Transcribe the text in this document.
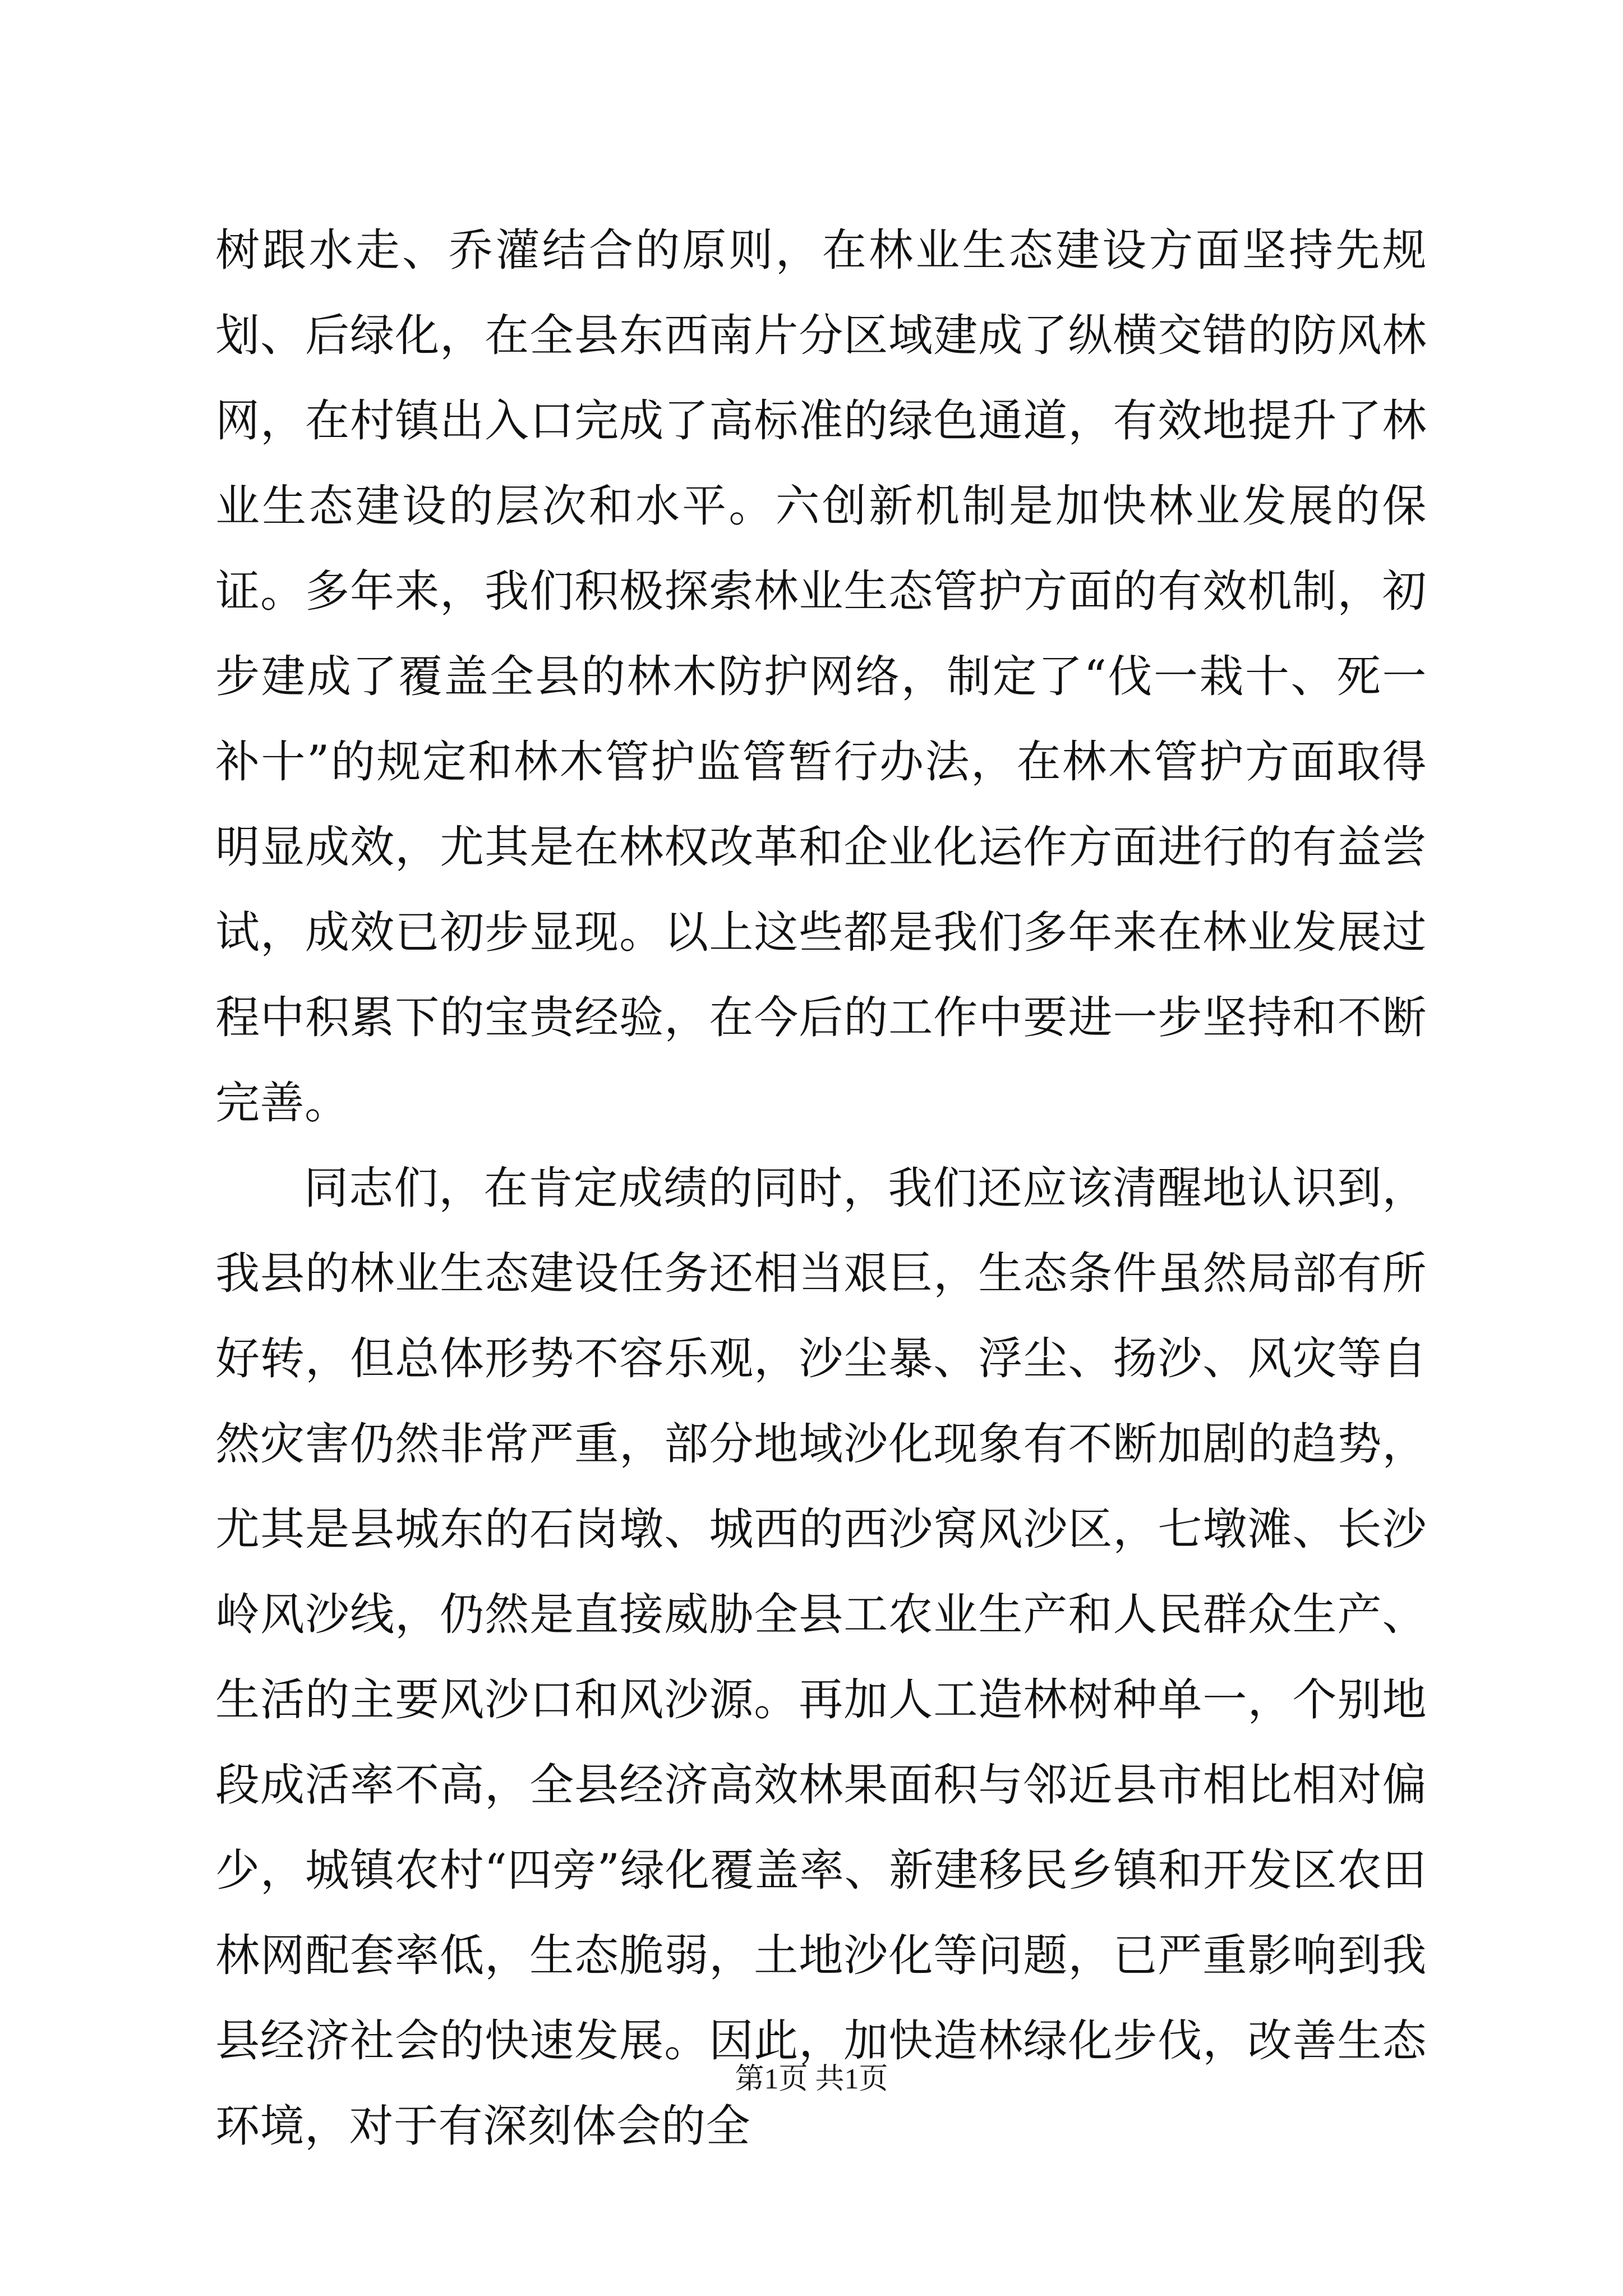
树跟水走、乔灌结合的原则，在林业生态建设方面坚持先规划、后绿化，在全县东西南片分区域建成了纵横交错的防风林网，在村镇出入口完成了高标准的绿色通道，有效地提升了林业生态建设的层次和水平。六创新机制是加快林业发展的保证。多年来，我们积极探索林业生态管护方面的有效机制，初步建成了覆盖全县的林木防护网络，制定了“伐一栽十、死一补十”的规定和林木管护监管暂行办法，在林木管护方面取得明显成效，尤其是在林权改革和企业化运作方面进行的有益尝试，成效已初步显现。以上这些都是我们多年来在林业发展过程中积累下的宝贵经验，在今后的工作中要进一步坚持和不断完善。

同志们，在肯定成绩的同时，我们还应该清醒地认识到，我县的林业生态建设任务还相当艰巨，生态条件虽然局部有所好转，但总体形势不容乐观，沙尘暴、浮尘、扬沙、风灾等自然灾害仍然非常严重，部分地域沙化现象有不断加剧的趋势，尤其是县城东的石岗墩、城西的西沙窝风沙区，七墩滩、长沙岭风沙线，仍然是直接威胁全县工农业生产和人民群众生产、生活的主要风沙口和风沙源。再加人工造林树种单一，个别地段成活率不高，全县经济高效林果面积与邻近县市相比相对偏少，城镇农村“四旁”绿化覆盖率、新建移民乡镇和开发区农田林网配套率低，生态脆弱，土地沙化等问题，已严重影响到我县经济社会的快速发展。因此，加快造林绿化步伐，改善生态环境，对于有深刻体会的全

第1页 共1页
